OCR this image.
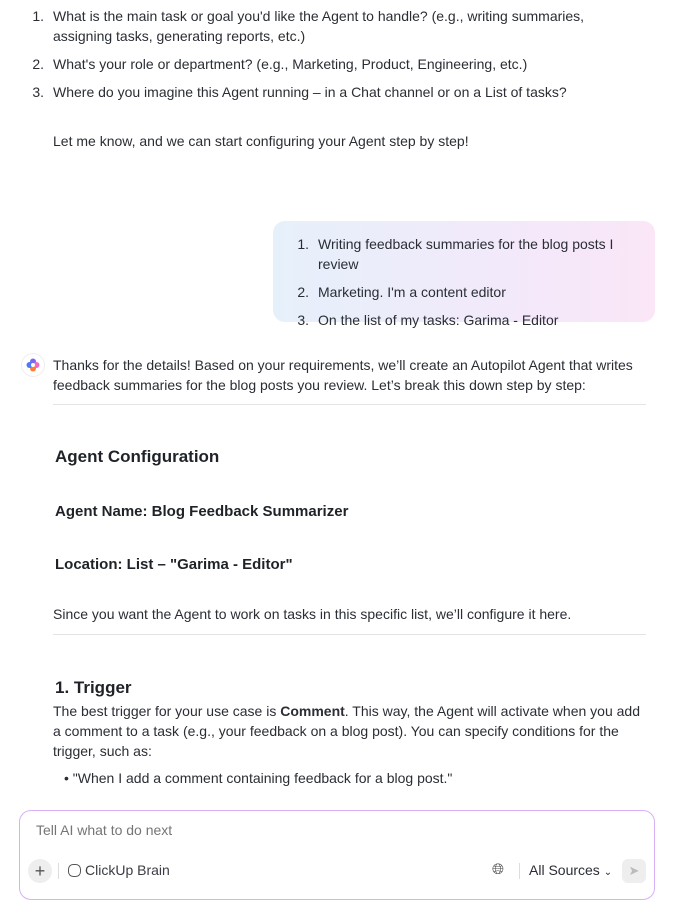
1. What is the main task or goal you'd like the Agent to handle? (e.g., writing summaries, assigning tasks, generating reports, etc.)
2. What's your role or department? (e.g., Marketing, Product, Engineering, etc.)
3. Where do you imagine this Agent running – in a Chat channel or on a List of tasks?
Let me know, and we can start configuring your Agent step by step!
1. Writing feedback summaries for the blog posts I review
2. Marketing. I'm a content editor
3. On the list of my tasks: Garima - Editor
Thanks for the details! Based on your requirements, we’ll create an Autopilot Agent that writes feedback summaries for the blog posts you review. Let’s break this down step by step:
Agent Configuration
Agent Name: Blog Feedback Summarizer
Location: List – "Garima - Editor"
Since you want the Agent to work on tasks in this specific list, we’ll configure it here.
1. Trigger
The best trigger for your use case is Comment. This way, the Agent will activate when you add a comment to a task (e.g., your feedback on a blog post). You can specify conditions for the trigger, such as:
• "When I add a comment containing feedback for a blog post."
Tell AI what to do next
+	ClickUp Brain	🌐︎ All Sources ⌄	➤
